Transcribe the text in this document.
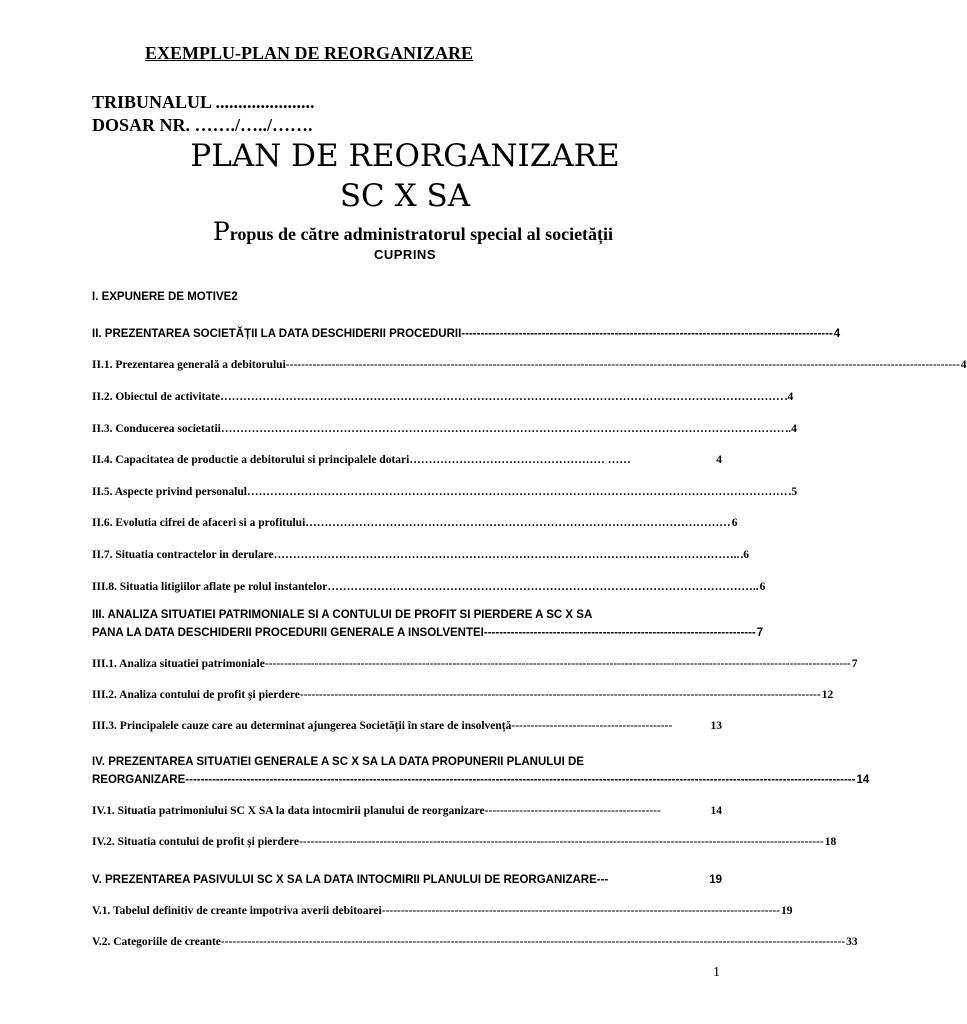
EXEMPLU-PLAN DE REORGANIZARE
TRIBUNALUL ......................
DOSAR NR. ……./…../…….
PLAN DE REORGANIZARE
SC X SA
Propus de către administratorul special al societății
CUPRINS
I. EXPUNERE DE MOTIVE2
II. PREZENTAREA SOCIETĂȚII LA DATA DESCHIDERII PROCEDURII ------------------------------------------------------------------------------------------------- 4
II.1. Prezentarea generală a debitorului -------------------------------------------------------------------------------------------------------------------------------------------------------------------------------- 4
II.2. Obiectul de activitate ………………………………………………………………………………………………………………………………… .4
II.3. Conducerea societatii ………………………………………………………………………………………………………………………………… ..4
II.4. Capacitatea de productie a debitorului si principalele dotari …………………………………………… ……	4
II.5. Aspecte privind personalul …………………………………………………………………………………………………………………………… .5
II.6. Evolutia cifrei de afaceri si a profitului ………………………………………………………………………………………………… 6
II.7. Situatia contractelor in derulare ………………………………………………………………………………………………………….. .6
III.8. Situatia litigiilor aflate pe rolul instantelor ………………………………………………………………………………………………….. 6
III. ANALIZA SITUATIEI PATRIMONIALE SI A CONTULUI DE PROFIT SI PIERDERE A SC X SA
PANA LA DATA DESCHIDERII PROCEDURII GENERALE A INSOLVENTEI ----------------------------------------------------------------------- 7
III.1. Analiza situatiei patrimoniale --------------------------------------------------------------------------------------------------------------------------------------------------------- 7
III.2. Analiza contului de profit și pierdere ---------------------------------------------------------------------------------------------------------------------------------------- 12
III.3. Principalele cauze care au determinat ajungerea Societății în stare de insolvență ------------------------------------------	13
IV. PREZENTAREA SITUATIEI GENERALE A SC X SA LA DATA PROPUNERII PLANULUI DE
REORGANIZARE ------------------------------------------------------------------------------------------------------------------------------------------------------------------------------- 14
IV.1. Situatia patrimoniului SC X SA la data intocmirii planului de reorganizare ----------------------------------------------	14
IV.2. Situatia contului de profit și pierdere ----------------------------------------------------------------------------------------------------------------------------------------- 18
V. PREZENTAREA PASIVULUI SC X SA LA DATA INTOCMIRII PLANULUI DE REORGANIZARE ---	19
V.1. Tabelul definitiv de creante impotriva averii debitoarei -------------------------------------------------------------------------------------------------------- 19
V.2. Categoriile de creante ------------------------------------------------------------------------------------------------------------------------------------------------------------------- 33
1
